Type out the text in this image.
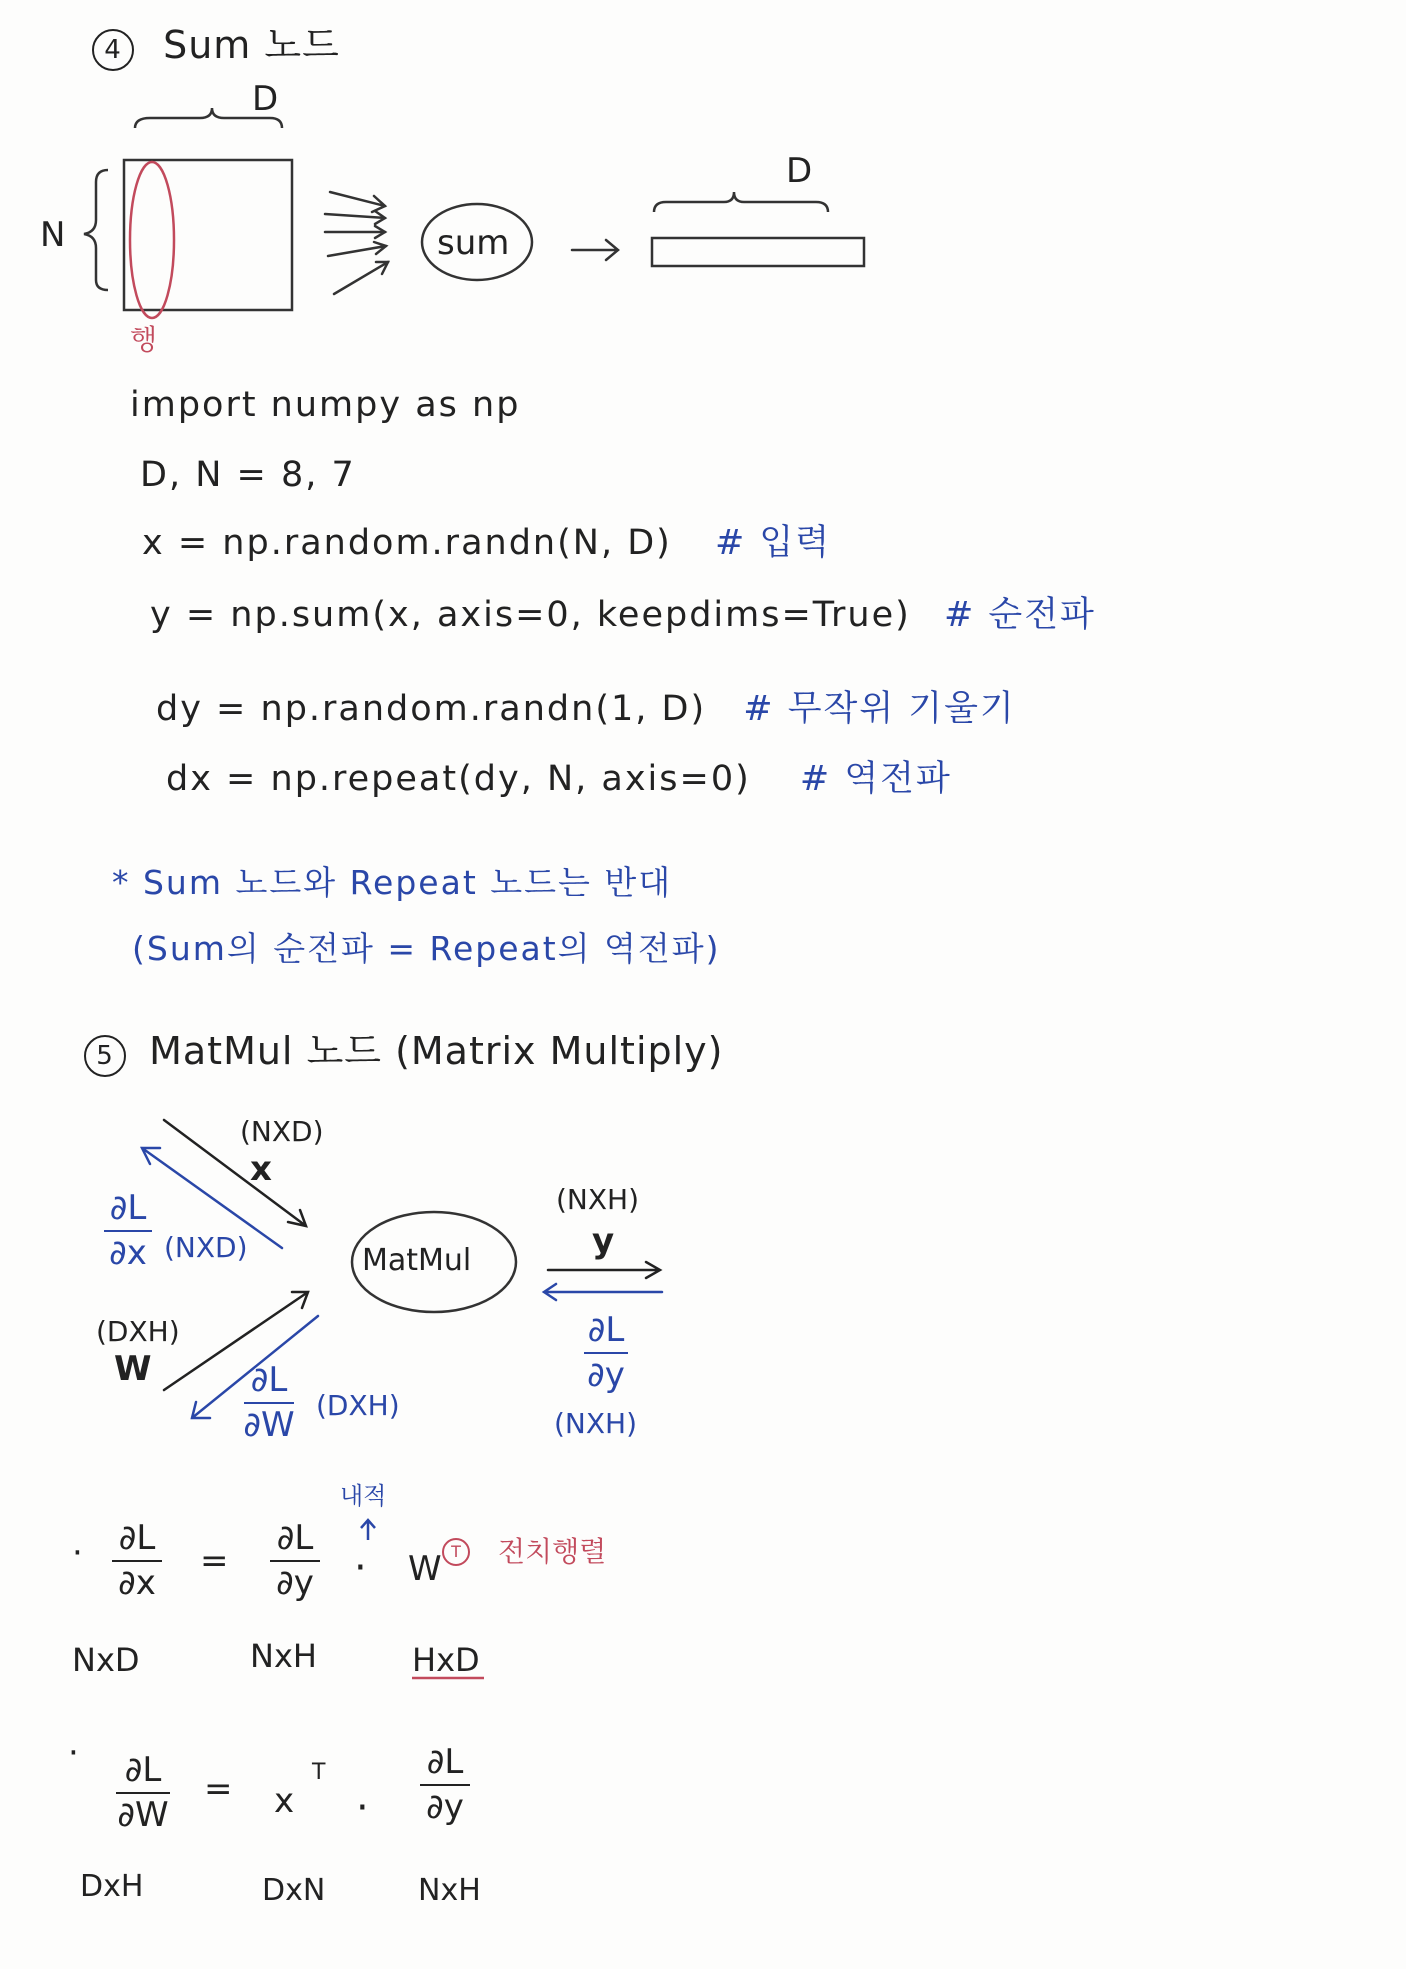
4 Sum 노드
D
N
행
sum
D
import numpy as np
D, N = 8, 7
x = np.random.randn(N, D) # 입력
y = np.sum(x, axis=0, keepdims=True) # 순전파
dy = np.random.randn(1, D) # 무작위 기울기
dx = np.repeat(dy, N, axis=0) # 역전파
* Sum 노드와 Repeat 노드는 반대
(Sum의 순전파 = Repeat의 역전파)
5 MatMul 노드 (Matrix Multiply)
(NXD)
x
∂L
∂x (NXD)
(DXH)
W	∂L
∂W (DXH)
MatMul
(NXH)
y
∂L
∂y
(NXH)
· ∂L
∂x
=
∂L
∂y ·
내적
W T	전치행렬
NxD	NxH	HxD
· ∂L
∂W
= x
T
·
∂L
∂y
DxH	DxN	NxH
